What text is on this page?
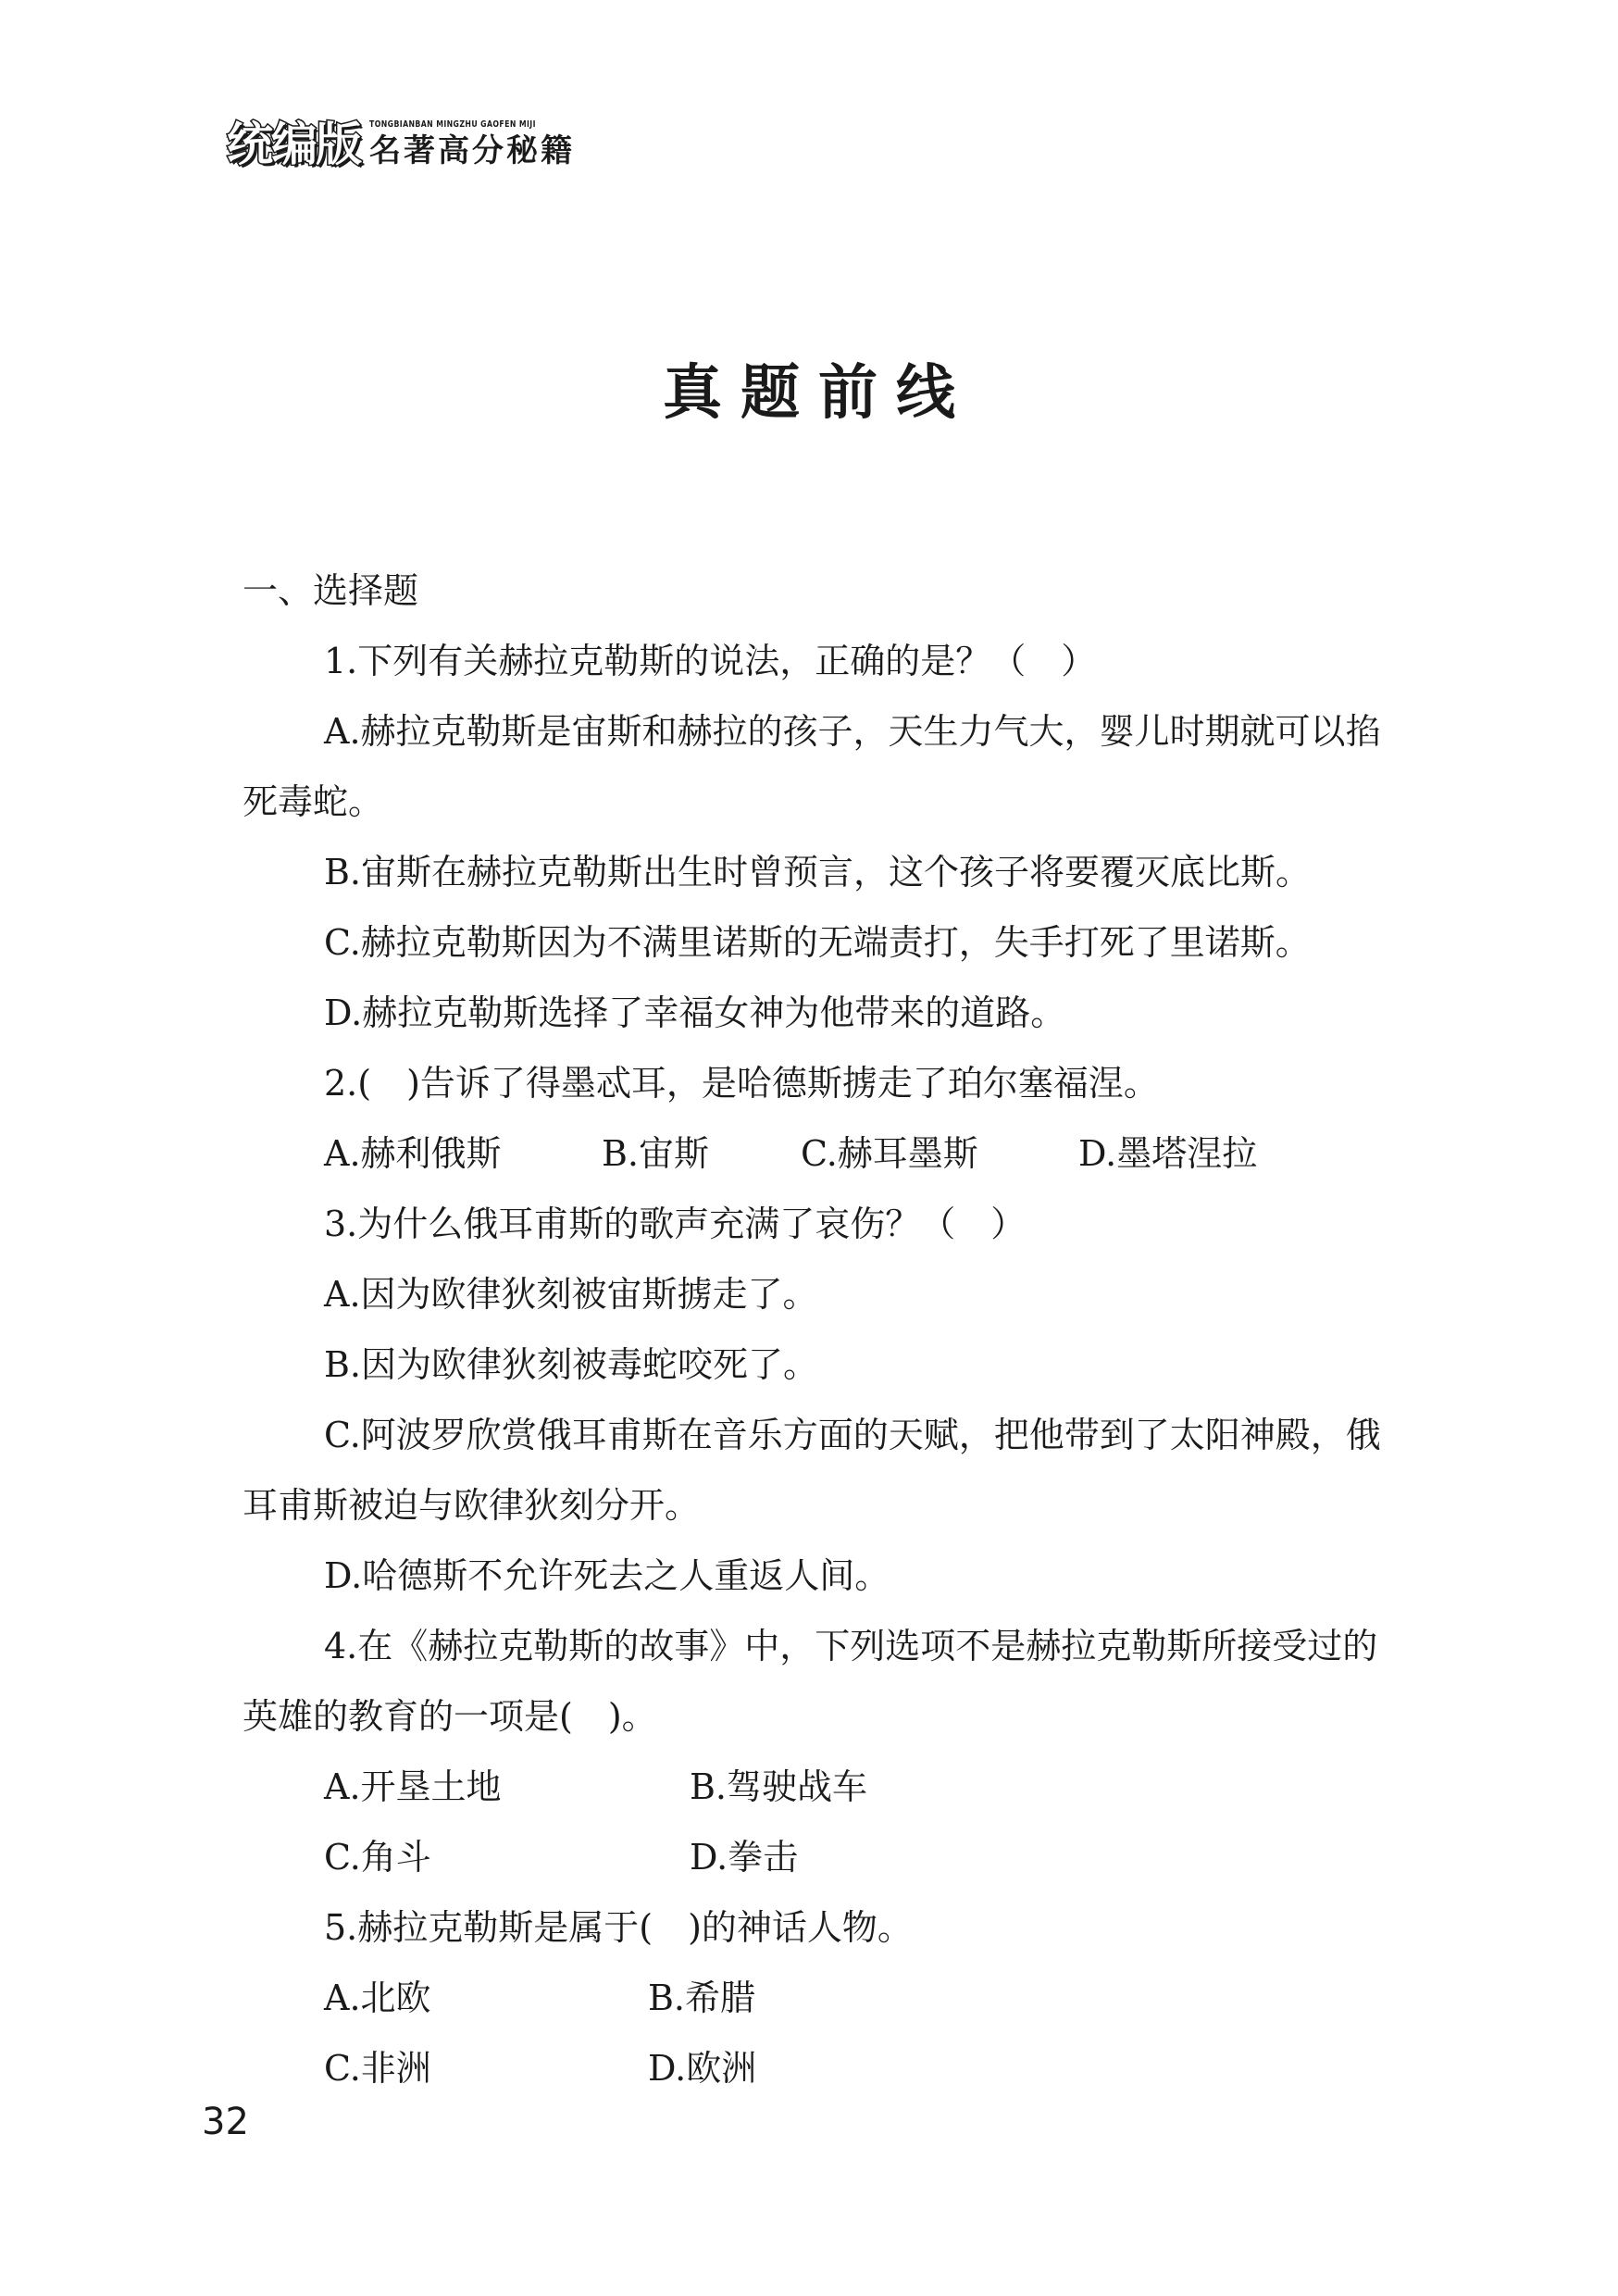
统编版 TONGBIANBAN MINGZHU GAOFEN MIJI
名著高分秘籍
真题前线

一、选择题

1.下列有关赫拉克勒斯的说法，正确的是？（　）

A.赫拉克勒斯是宙斯和赫拉的孩子，天生力气大，婴儿时期就可以掐死毒蛇。

B.宙斯在赫拉克勒斯出生时曾预言，这个孩子将要覆灭底比斯。

C.赫拉克勒斯因为不满里诺斯的无端责打，失手打死了里诺斯。

D.赫拉克勒斯选择了幸福女神为他带来的道路。

2.(　)告诉了得墨忒耳，是哈德斯掳走了珀尔塞福涅。

A.赫利俄斯	B.宙斯	C.赫耳墨斯	D.墨塔涅拉

3.为什么俄耳甫斯的歌声充满了哀伤？（　）

A.因为欧律狄刻被宙斯掳走了。

B.因为欧律狄刻被毒蛇咬死了。

C.阿波罗欣赏俄耳甫斯在音乐方面的天赋，把他带到了太阳神殿，俄耳甫斯被迫与欧律狄刻分开。

D.哈德斯不允许死去之人重返人间。

4.在《赫拉克勒斯的故事》中，下列选项不是赫拉克勒斯所接受过的英雄的教育的一项是(　)。

A.开垦土地	B.驾驶战车
C.角斗	D.拳击

5.赫拉克勒斯是属于(　)的神话人物。

A.北欧	B.希腊
C.非洲	D.欧洲
32
